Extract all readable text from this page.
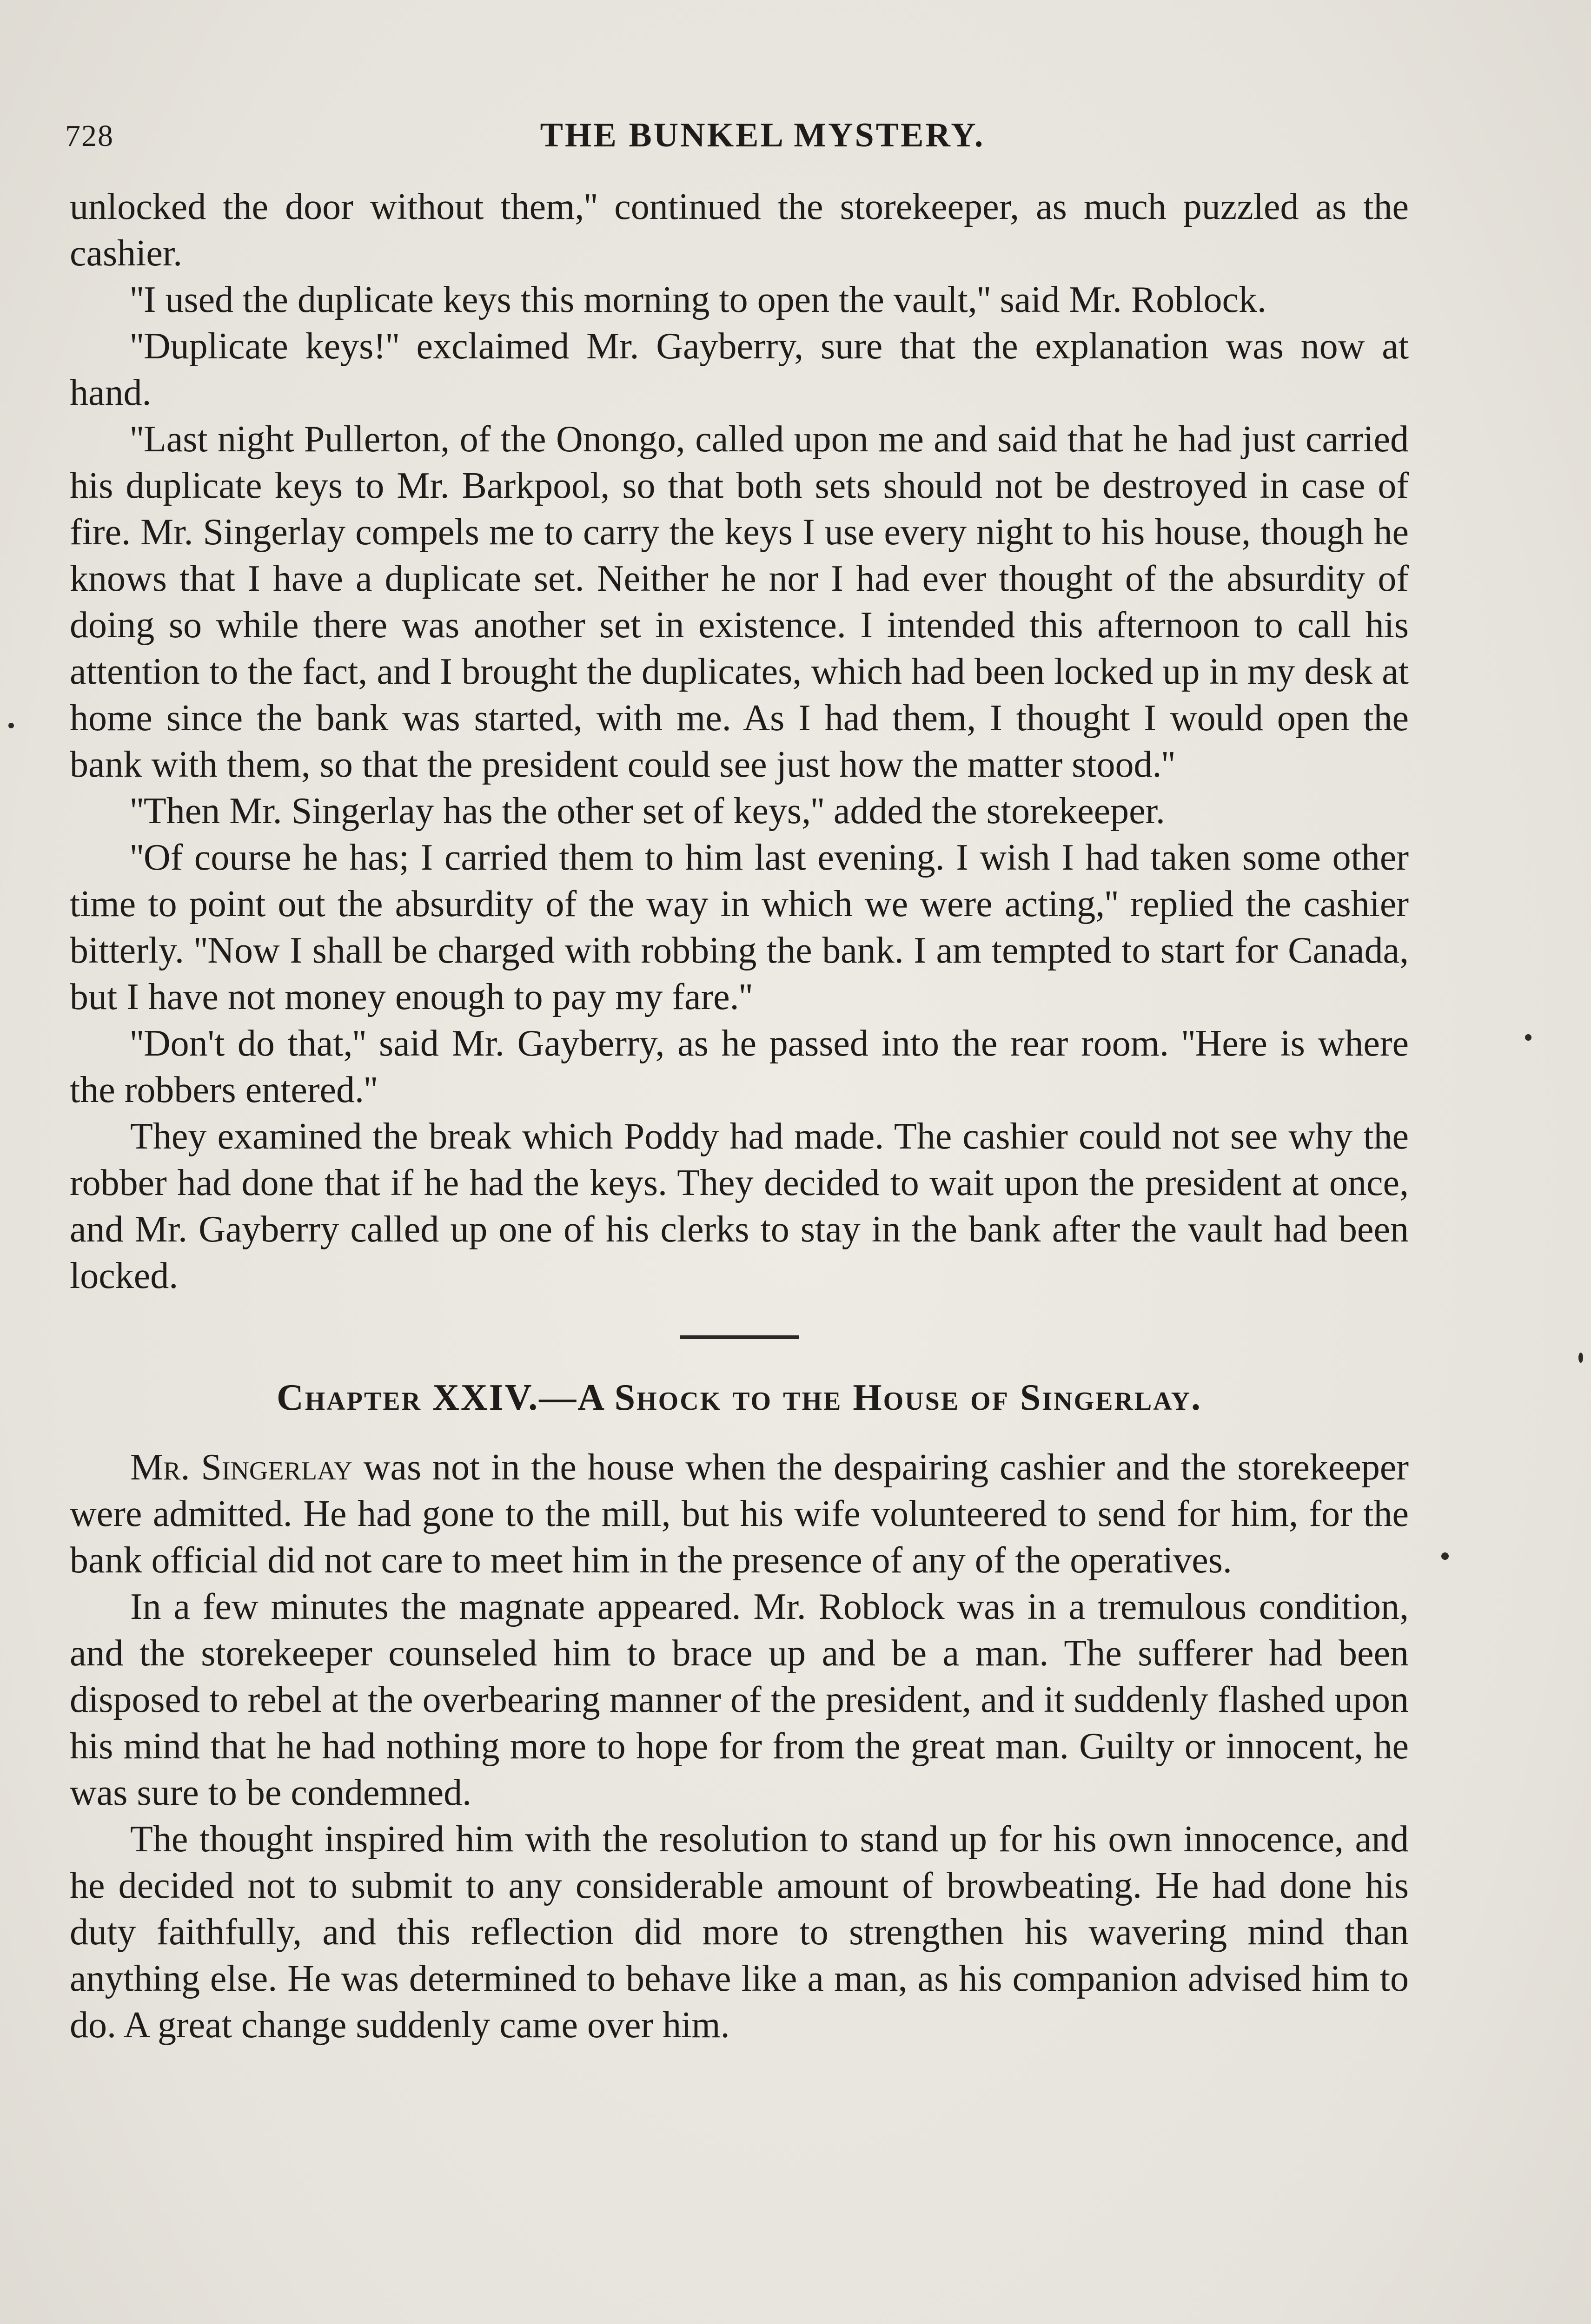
728	THE BUNKEL MYSTERY.

unlocked the door without them,'' continued the storekeeper, as much puzzled as the cashier.

''I used the duplicate keys this morning to open the vault,'' said Mr. Roblock.

''Duplicate keys!'' exclaimed Mr. Gayberry, sure that the explanation was now at hand.

''Last night Pullerton, of the Onongo, called upon me and said that he had just carried his duplicate keys to Mr. Barkpool, so that both sets should not be destroyed in case of fire. Mr. Singerlay compels me to carry the keys I use every night to his house, though he knows that I have a duplicate set. Neither he nor I had ever thought of the absurdity of doing so while there was another set in existence. I intended this afternoon to call his attention to the fact, and I brought the duplicates, which had been locked up in my desk at home since the bank was started, with me. As I had them, I thought I would open the bank with them, so that the president could see just how the matter stood.''

''Then Mr. Singerlay has the other set of keys,'' added the storekeeper.

''Of course he has; I carried them to him last evening. I wish I had taken some other time to point out the absurdity of the way in which we were acting,'' replied the cashier bitterly. ''Now I shall be charged with robbing the bank. I am tempted to start for Canada, but I have not money enough to pay my fare.''

''Don't do that,'' said Mr. Gayberry, as he passed into the rear room. ''Here is where the robbers entered.''

They examined the break which Poddy had made. The cashier could not see why the robber had done that if he had the keys. They decided to wait upon the president at once, and Mr. Gayberry called up one of his clerks to stay in the bank after the vault had been locked.

Chapter XXIV.—A Shock to the House of Singerlay.

Mr. Singerlay was not in the house when the despairing cashier and the storekeeper were admitted. He had gone to the mill, but his wife volunteered to send for him, for the bank official did not care to meet him in the presence of any of the operatives.

In a few minutes the magnate appeared. Mr. Roblock was in a tremulous condition, and the storekeeper counseled him to brace up and be a man. The sufferer had been disposed to rebel at the overbearing manner of the president, and it suddenly flashed upon his mind that he had nothing more to hope for from the great man. Guilty or innocent, he was sure to be condemned.

The thought inspired him with the resolution to stand up for his own innocence, and he decided not to submit to any considerable amount of browbeating. He had done his duty faithfully, and this reflection did more to strengthen his wavering mind than anything else. He was determined to behave like a man, as his companion advised him to do. A great change suddenly came over him.
